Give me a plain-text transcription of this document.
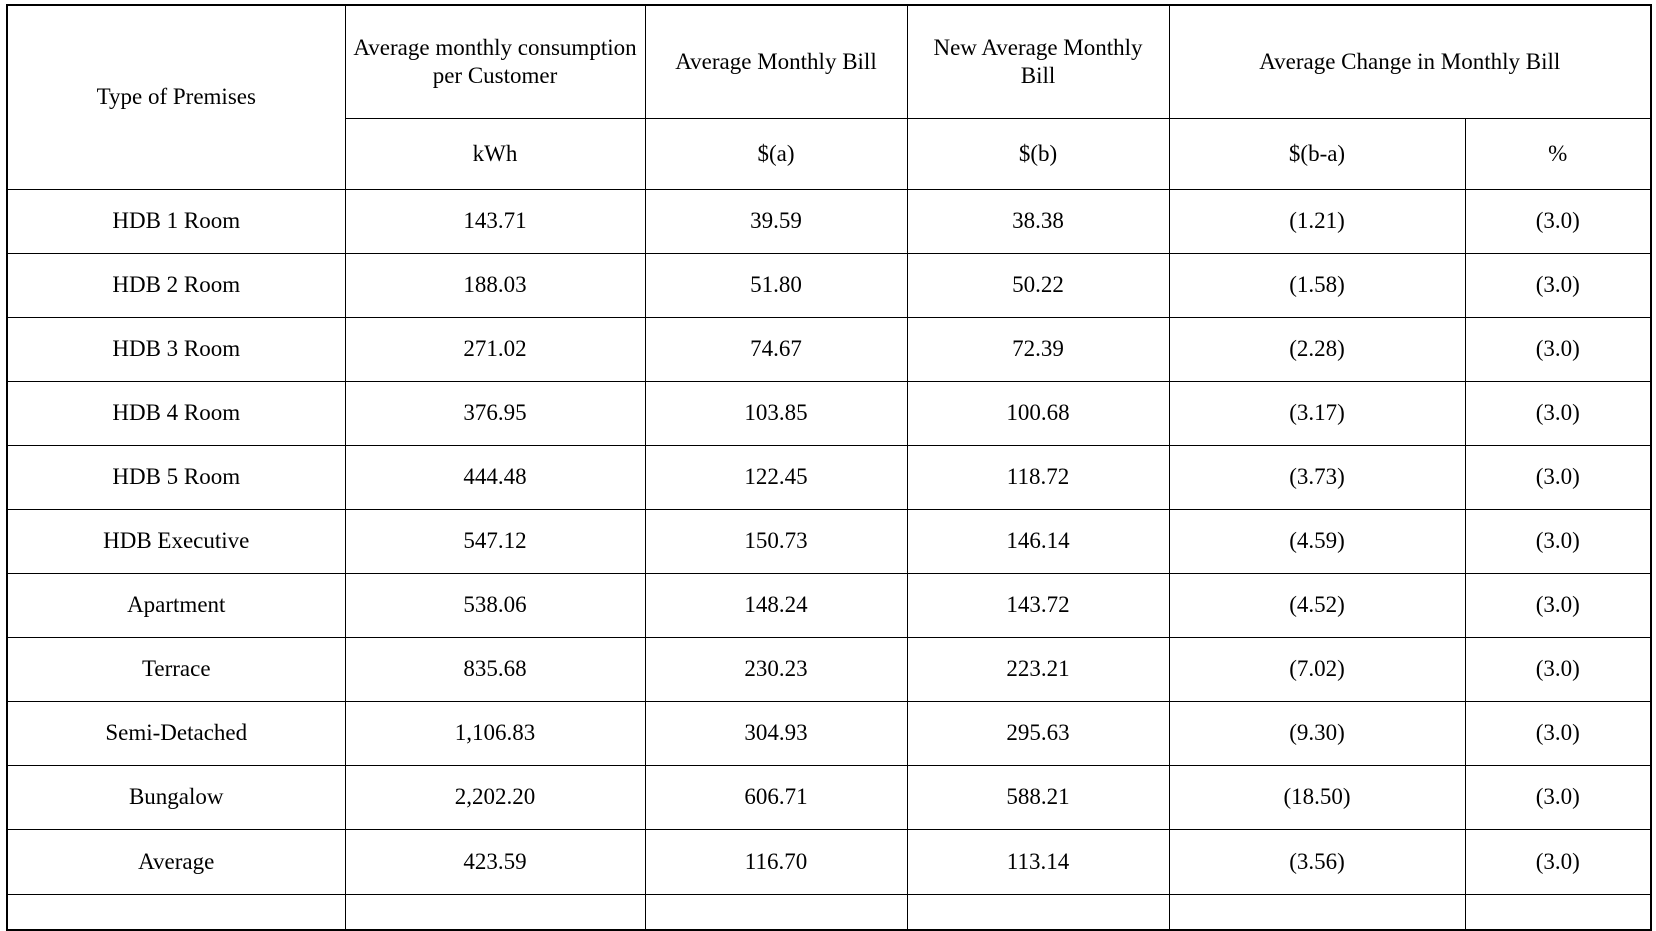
Type of Premises	Average monthly consumption per Customer	Average Monthly Bill	New Average Monthly Bill	Average Change in Monthly Bill	
	kWh	$(a)	$(b)	$(b-a)	%
HDB 1 Room	143.71	39.59	38.38	(1.21)	(3.0)
HDB 2 Room	188.03	51.80	50.22	(1.58)	(3.0)
HDB 3 Room	271.02	74.67	72.39	(2.28)	(3.0)
HDB 4 Room	376.95	103.85	100.68	(3.17)	(3.0)
HDB 5 Room	444.48	122.45	118.72	(3.73)	(3.0)
HDB Executive	547.12	150.73	146.14	(4.59)	(3.0)
Apartment	538.06	148.24	143.72	(4.52)	(3.0)
Terrace	835.68	230.23	223.21	(7.02)	(3.0)
Semi-Detached	1,106.83	304.93	295.63	(9.30)	(3.0)
Bungalow	2,202.20	606.71	588.21	(18.50)	(3.0)
Average	423.59	116.70	113.14	(3.56)	(3.0)
